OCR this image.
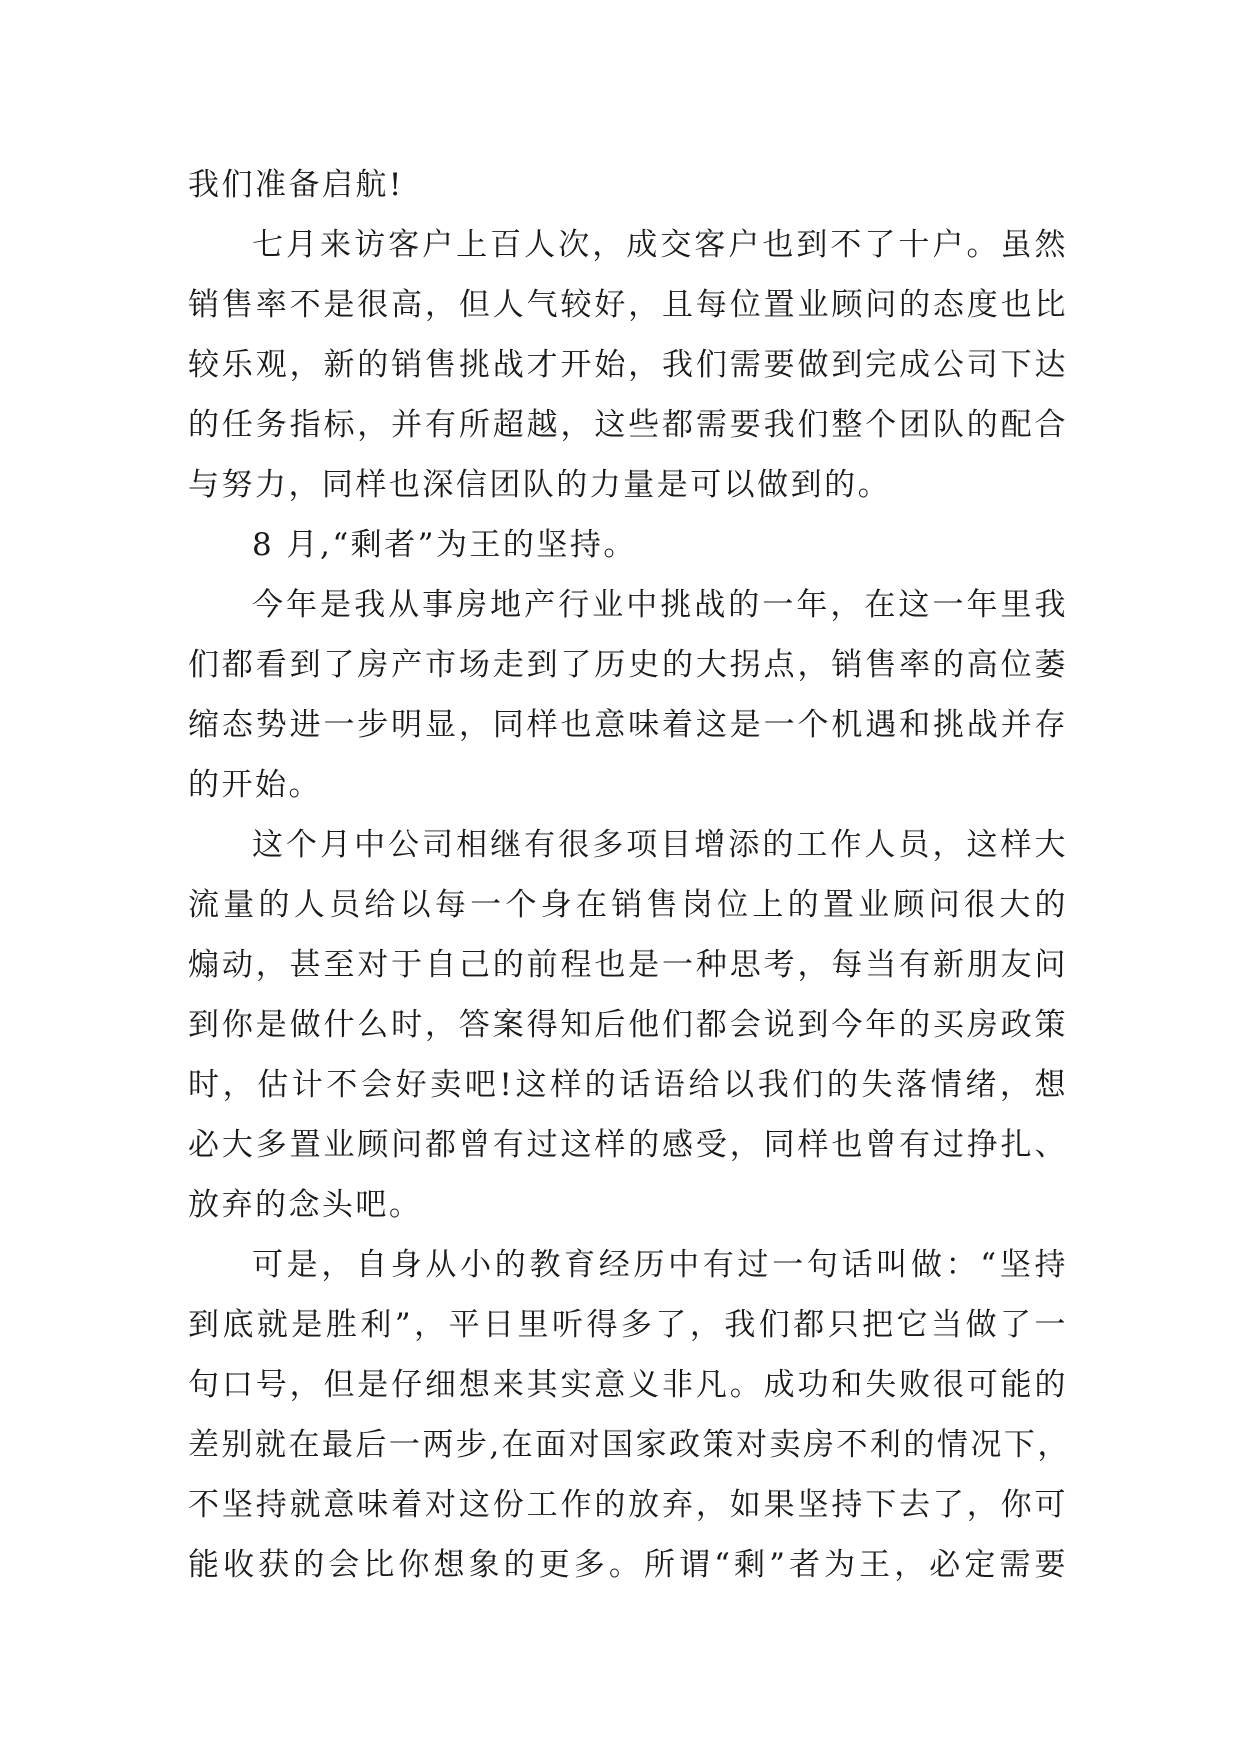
我们准备启航!
七月来访客户上百人次，成交客户也到不了十户。虽然
销售率不是很高，但人气较好，且每位置业顾问的态度也比
较乐观，新的销售挑战才开始，我们需要做到完成公司下达
的任务指标，并有所超越，这些都需要我们整个团队的配合
与努力，同样也深信团队的力量是可以做到的。
8 月,“剩者”为王的坚持。
今年是我从事房地产行业中挑战的一年，在这一年里我
们都看到了房产市场走到了历史的大拐点，销售率的高位萎
缩态势进一步明显，同样也意味着这是一个机遇和挑战并存
的开始。
这个月中公司相继有很多项目增添的工作人员，这样大
流量的人员给以每一个身在销售岗位上的置业顾问很大的
煽动，甚至对于自己的前程也是一种思考，每当有新朋友问
到你是做什么时，答案得知后他们都会说到今年的买房政策
时，估计不会好卖吧!这样的话语给以我们的失落情绪，想
必大多置业顾问都曾有过这样的感受，同样也曾有过挣扎、
放弃的念头吧。
可是，自身从小的教育经历中有过一句话叫做：“坚持
到底就是胜利”，平日里听得多了，我们都只把它当做了一
句口号，但是仔细想来其实意义非凡。成功和失败很可能的
差别就在最后一两步,在面对国家政策对卖房不利的情况下，
不坚持就意味着对这份工作的放弃，如果坚持下去了，你可
能收获的会比你想象的更多。所谓“剩”者为王，必定需要
